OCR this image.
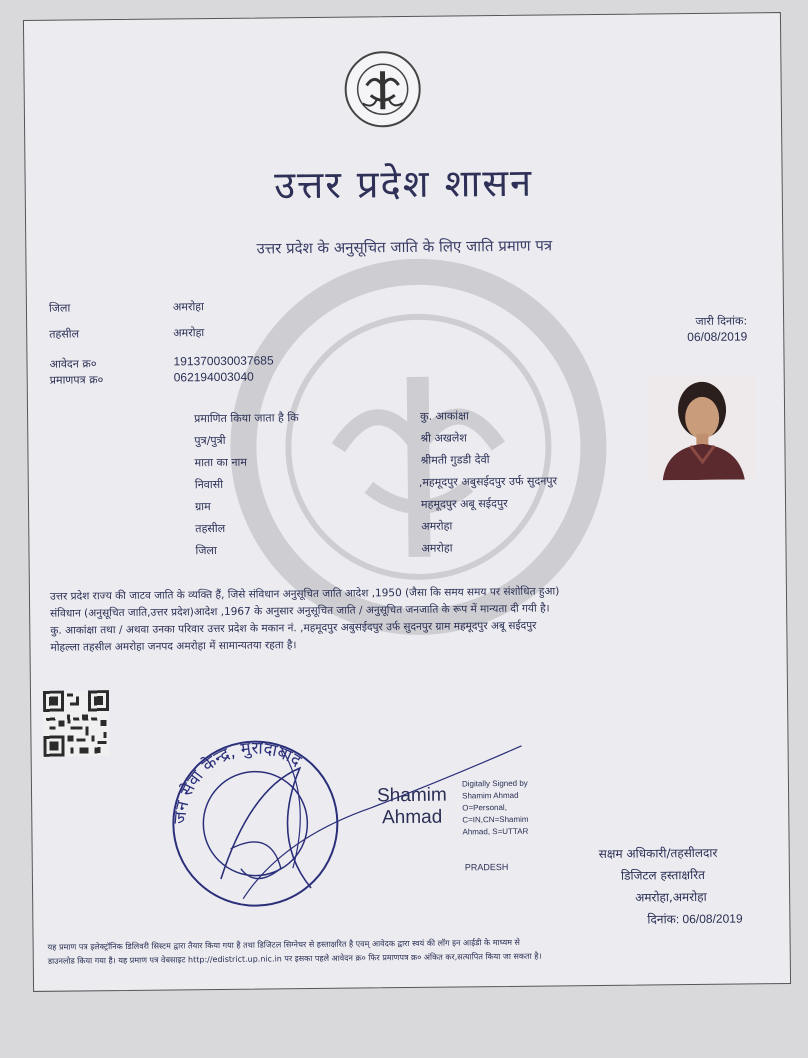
उत्तर प्रदेश शासन
उत्तर प्रदेश के अनुसूचित जाति के लिए जाति प्रमाण पत्र
जिला	अमरोहा
तहसील	अमरोहा
आवेदन क्र०	191370030037685
प्रमाणपत्र क्र०	062194003040
जारी दिनांक:
06/08/2019
प्रमाणित किया जाता है कि	कु. आकांक्षा
पुत्र/पुत्री	श्री अखलेश
माता का नाम	श्रीमती गुडडी देवी
निवासी	,महमूदपुर अबुसईदपुर उर्फ सुदनपुर
ग्राम	महमूदपुर अबू सईदपुर
तहसील	अमरोहा
जिला	अमरोहा
उत्तर प्रदेश राज्य की जाटव जाति के व्यक्ति हैं, जिसे संविधान अनुसूचित जाति आदेश ,1950 (जैसा कि समय समय पर संशोधित हुआ)
संविधान (अनुसूचित जाति,उत्तर प्रदेश)आदेश ,1967 के अनुसार अनुसूचित जाति / अनुसूचित जनजाति के रूप में मान्यता दी गयी है।
कु. आकांक्षा तथा / अथवा उनका परिवार उत्तर प्रदेश के मकान नं. ,महमूदपुर अबुसईदपुर उर्फ सुदनपुर ग्राम महमूदपुर अबू सईदपुर
मोहल्ला तहसील अमरोहा जनपद अमरोहा में सामान्यतया रहता है।
जन सेवा केन्द्र, मुरादाबाद
Shamim
Ahmad
Digitally Signed by
Shamim Ahmad
O=Personal,
C=IN,CN=Shamim
Ahmad, S=UTTAR
PRADESH
सक्षम अधिकारी/तहसीलदार
डिजिटल हस्ताक्षरित
अमरोहा,अमरोहा
दिनांक: 06/08/2019
यह प्रमाण पत्र इलेक्ट्रॉनिक डिलिवरी सिस्टम द्वारा तैयार किया गया है तथा डिजिटल सिग्नेचर से हस्ताक्षरित है एवम् आवेदक द्वारा स्वयं की लॉग इन आईडी के माध्यम से
डाउनलोड किया गया है। यह प्रमाण पत्र वेबसाइट http://edistrict.up.nic.in पर इसका पहले आवेदन क्र० फिर प्रमाणपत्र क्र० अंकित कर,सत्यापित किया जा सकता है।
